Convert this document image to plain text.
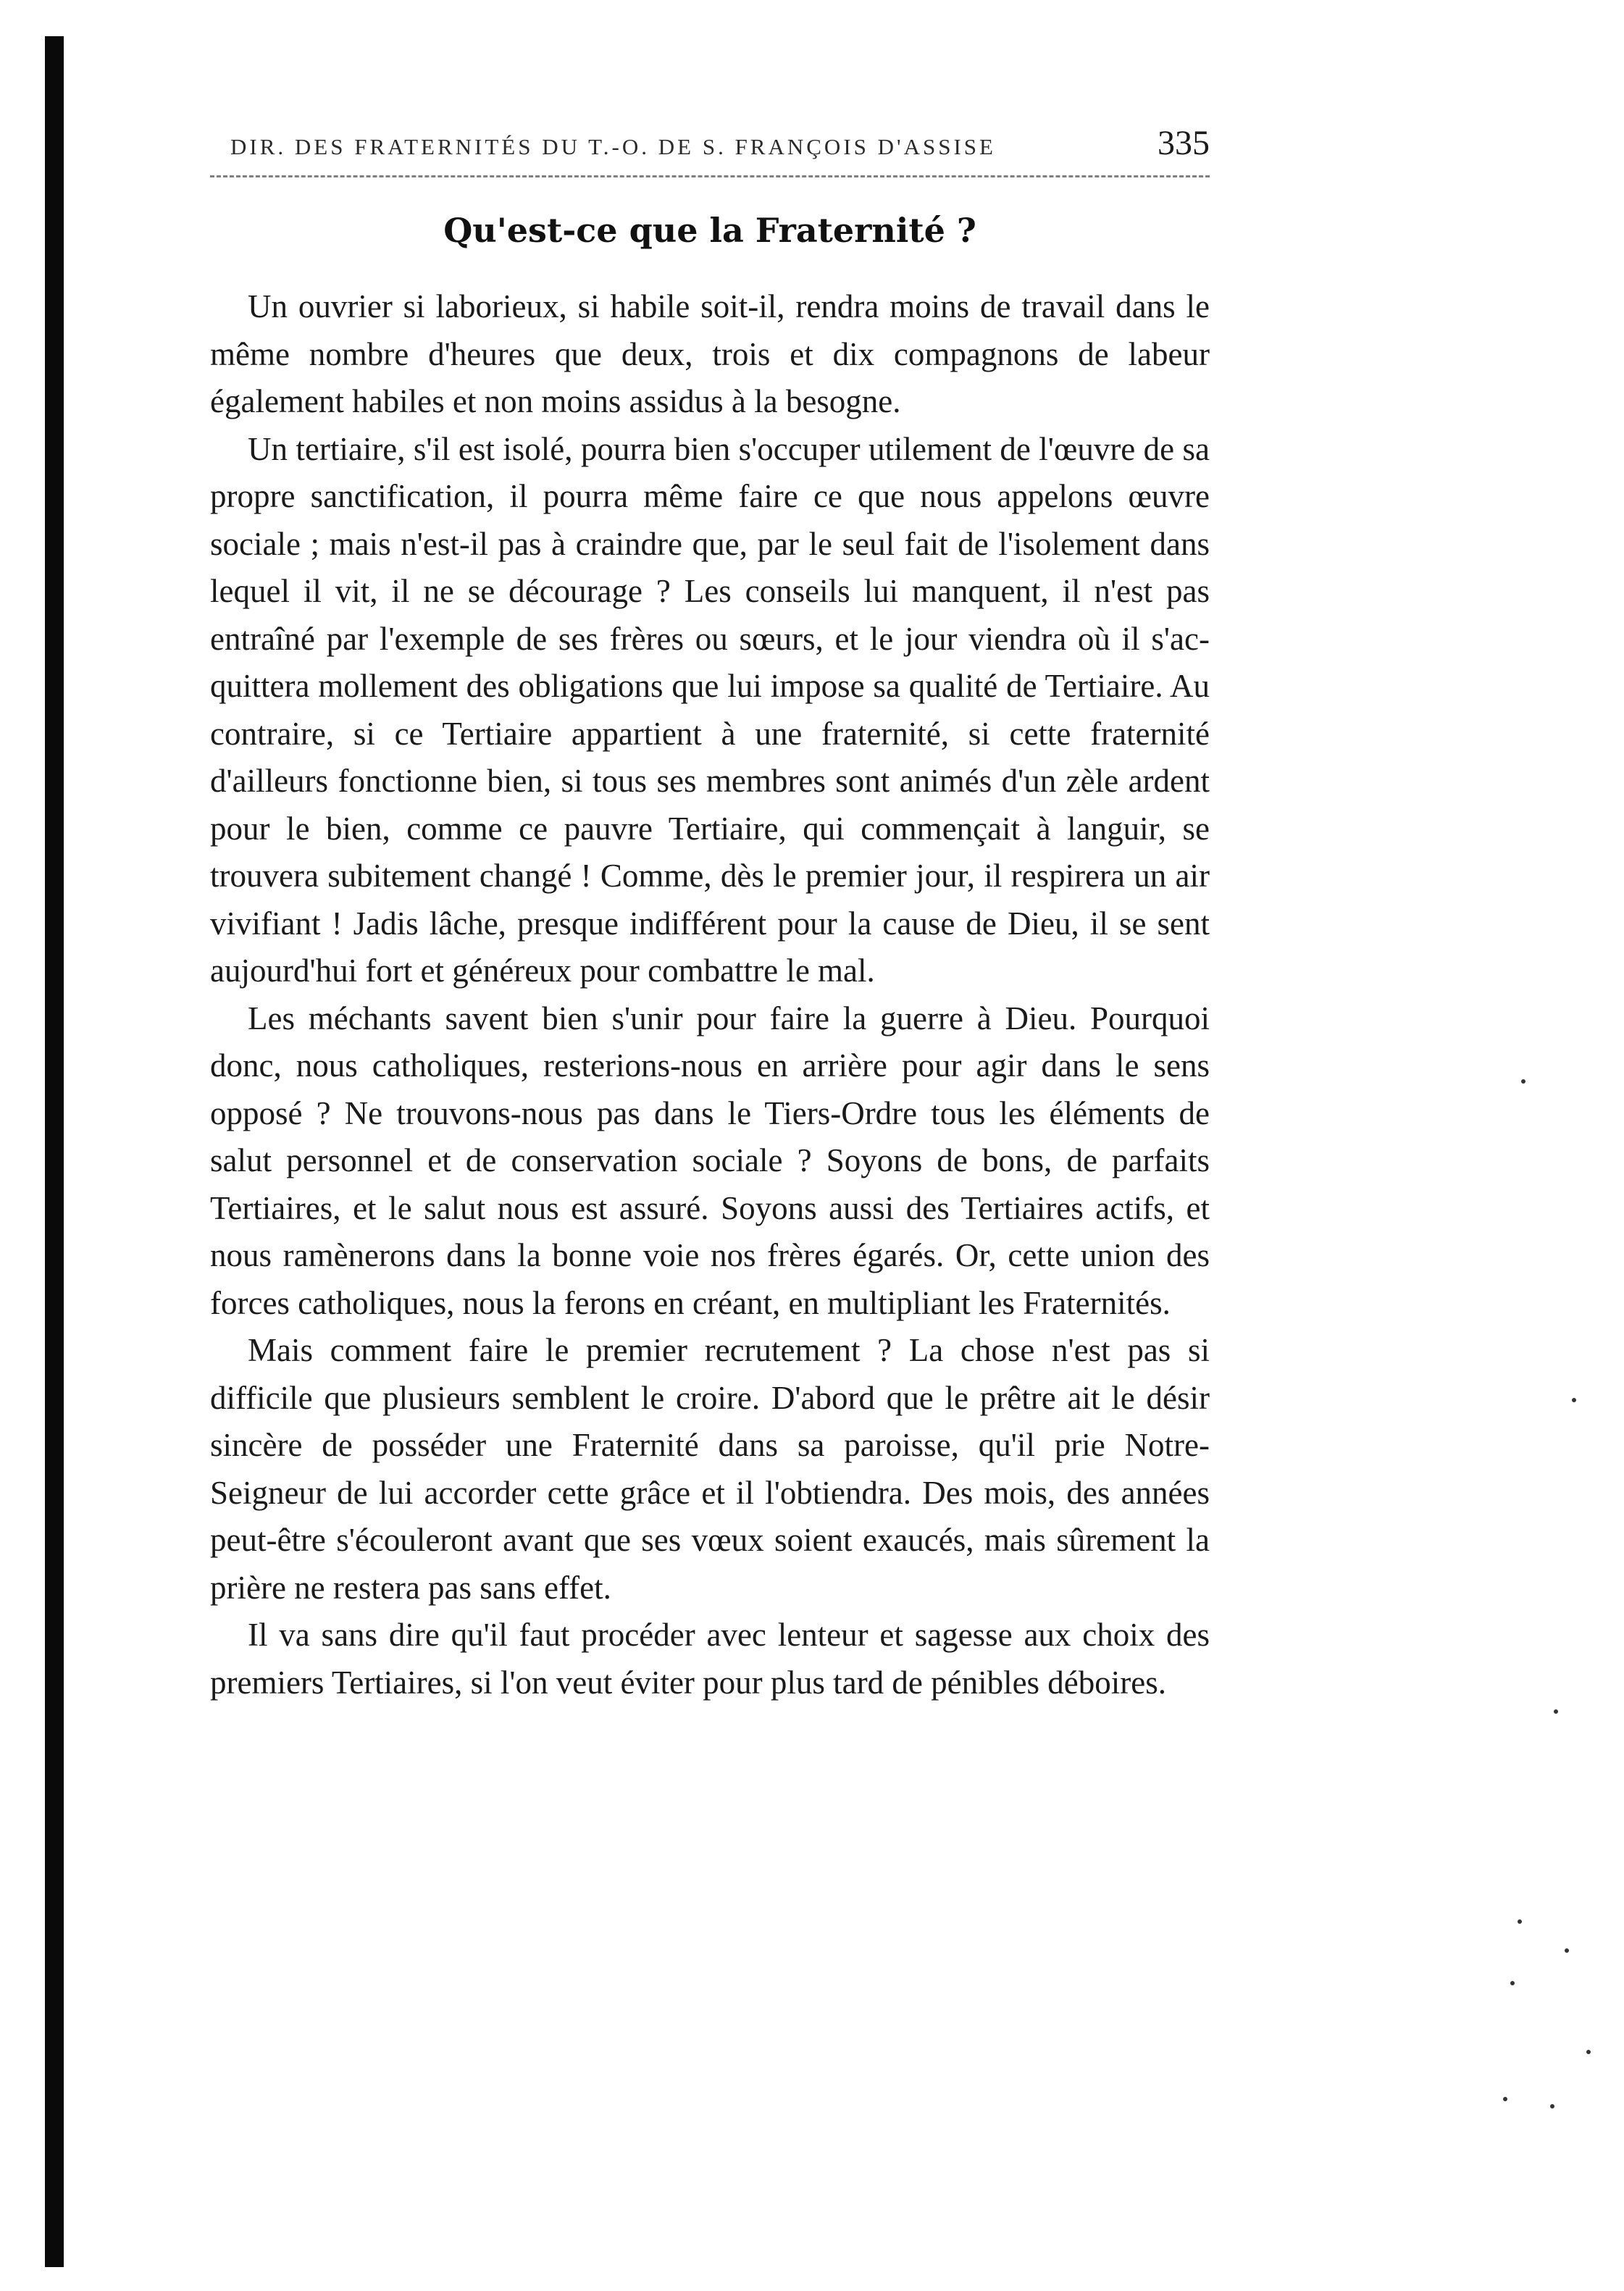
DIR. DES FRATERNITÉS DU T.-O. DE S. FRANÇOIS D'ASSISE	335
Qu'est-ce que la Fraternité ?

Un ouvrier si laborieux, si habile soit-il, rendra moins de travail dans le même nombre d'heures que deux, trois et dix compagnons de labeur également habiles et non moins assidus à la besogne.

Un tertiaire, s'il est isolé, pourra bien s'occuper utilement de l'œuvre de sa propre sanctification, il pourra même faire ce que nous appelons œuvre sociale ; mais n'est-il pas à craindre que, par le seul fait de l'isolement dans lequel il vit, il ne se décourage ? Les conseils lui manquent, il n'est pas entraîné par l'exemple de ses frères ou sœurs, et le jour viendra où il s'acquittera mollement des obligations que lui impose sa qualité de Tertiaire. Au contraire, si ce Tertiaire appartient à une fraternité, si cette fraternité d'ailleurs fonctionne bien, si tous ses membres sont animés d'un zèle ardent pour le bien, comme ce pauvre Tertiaire, qui commençait à languir, se trouvera subitement changé ! Comme, dès le premier jour, il respirera un air vivifiant ! Jadis lâche, presque indifférent pour la cause de Dieu, il se sent aujourd'hui fort et généreux pour combattre le mal.

Les méchants savent bien s'unir pour faire la guerre à Dieu. Pourquoi donc, nous catholiques, resterions-nous en arrière pour agir dans le sens opposé ? Ne trouvons-nous pas dans le Tiers-Ordre tous les éléments de salut personnel et de conservation sociale ? Soyons de bons, de parfaits Tertiaires, et le salut nous est assuré. Soyons aussi des Tertiaires actifs, et nous ramènerons dans la bonne voie nos frères égarés. Or, cette union des forces catholiques, nous la ferons en créant, en multipliant les Fraternités.

Mais comment faire le premier recrutement ? La chose n'est pas si difficile que plusieurs semblent le croire. D'abord que le prêtre ait le désir sincère de posséder une Fraternité dans sa paroisse, qu'il prie Notre-Seigneur de lui accorder cette grâce et il l'obtiendra. Des mois, des années peut-être s'écouleront avant que ses vœux soient exaucés, mais sûrement la prière ne restera pas sans effet.

Il va sans dire qu'il faut procéder avec lenteur et sagesse aux choix des premiers Tertiaires, si l'on veut éviter pour plus tard de pénibles déboires.
